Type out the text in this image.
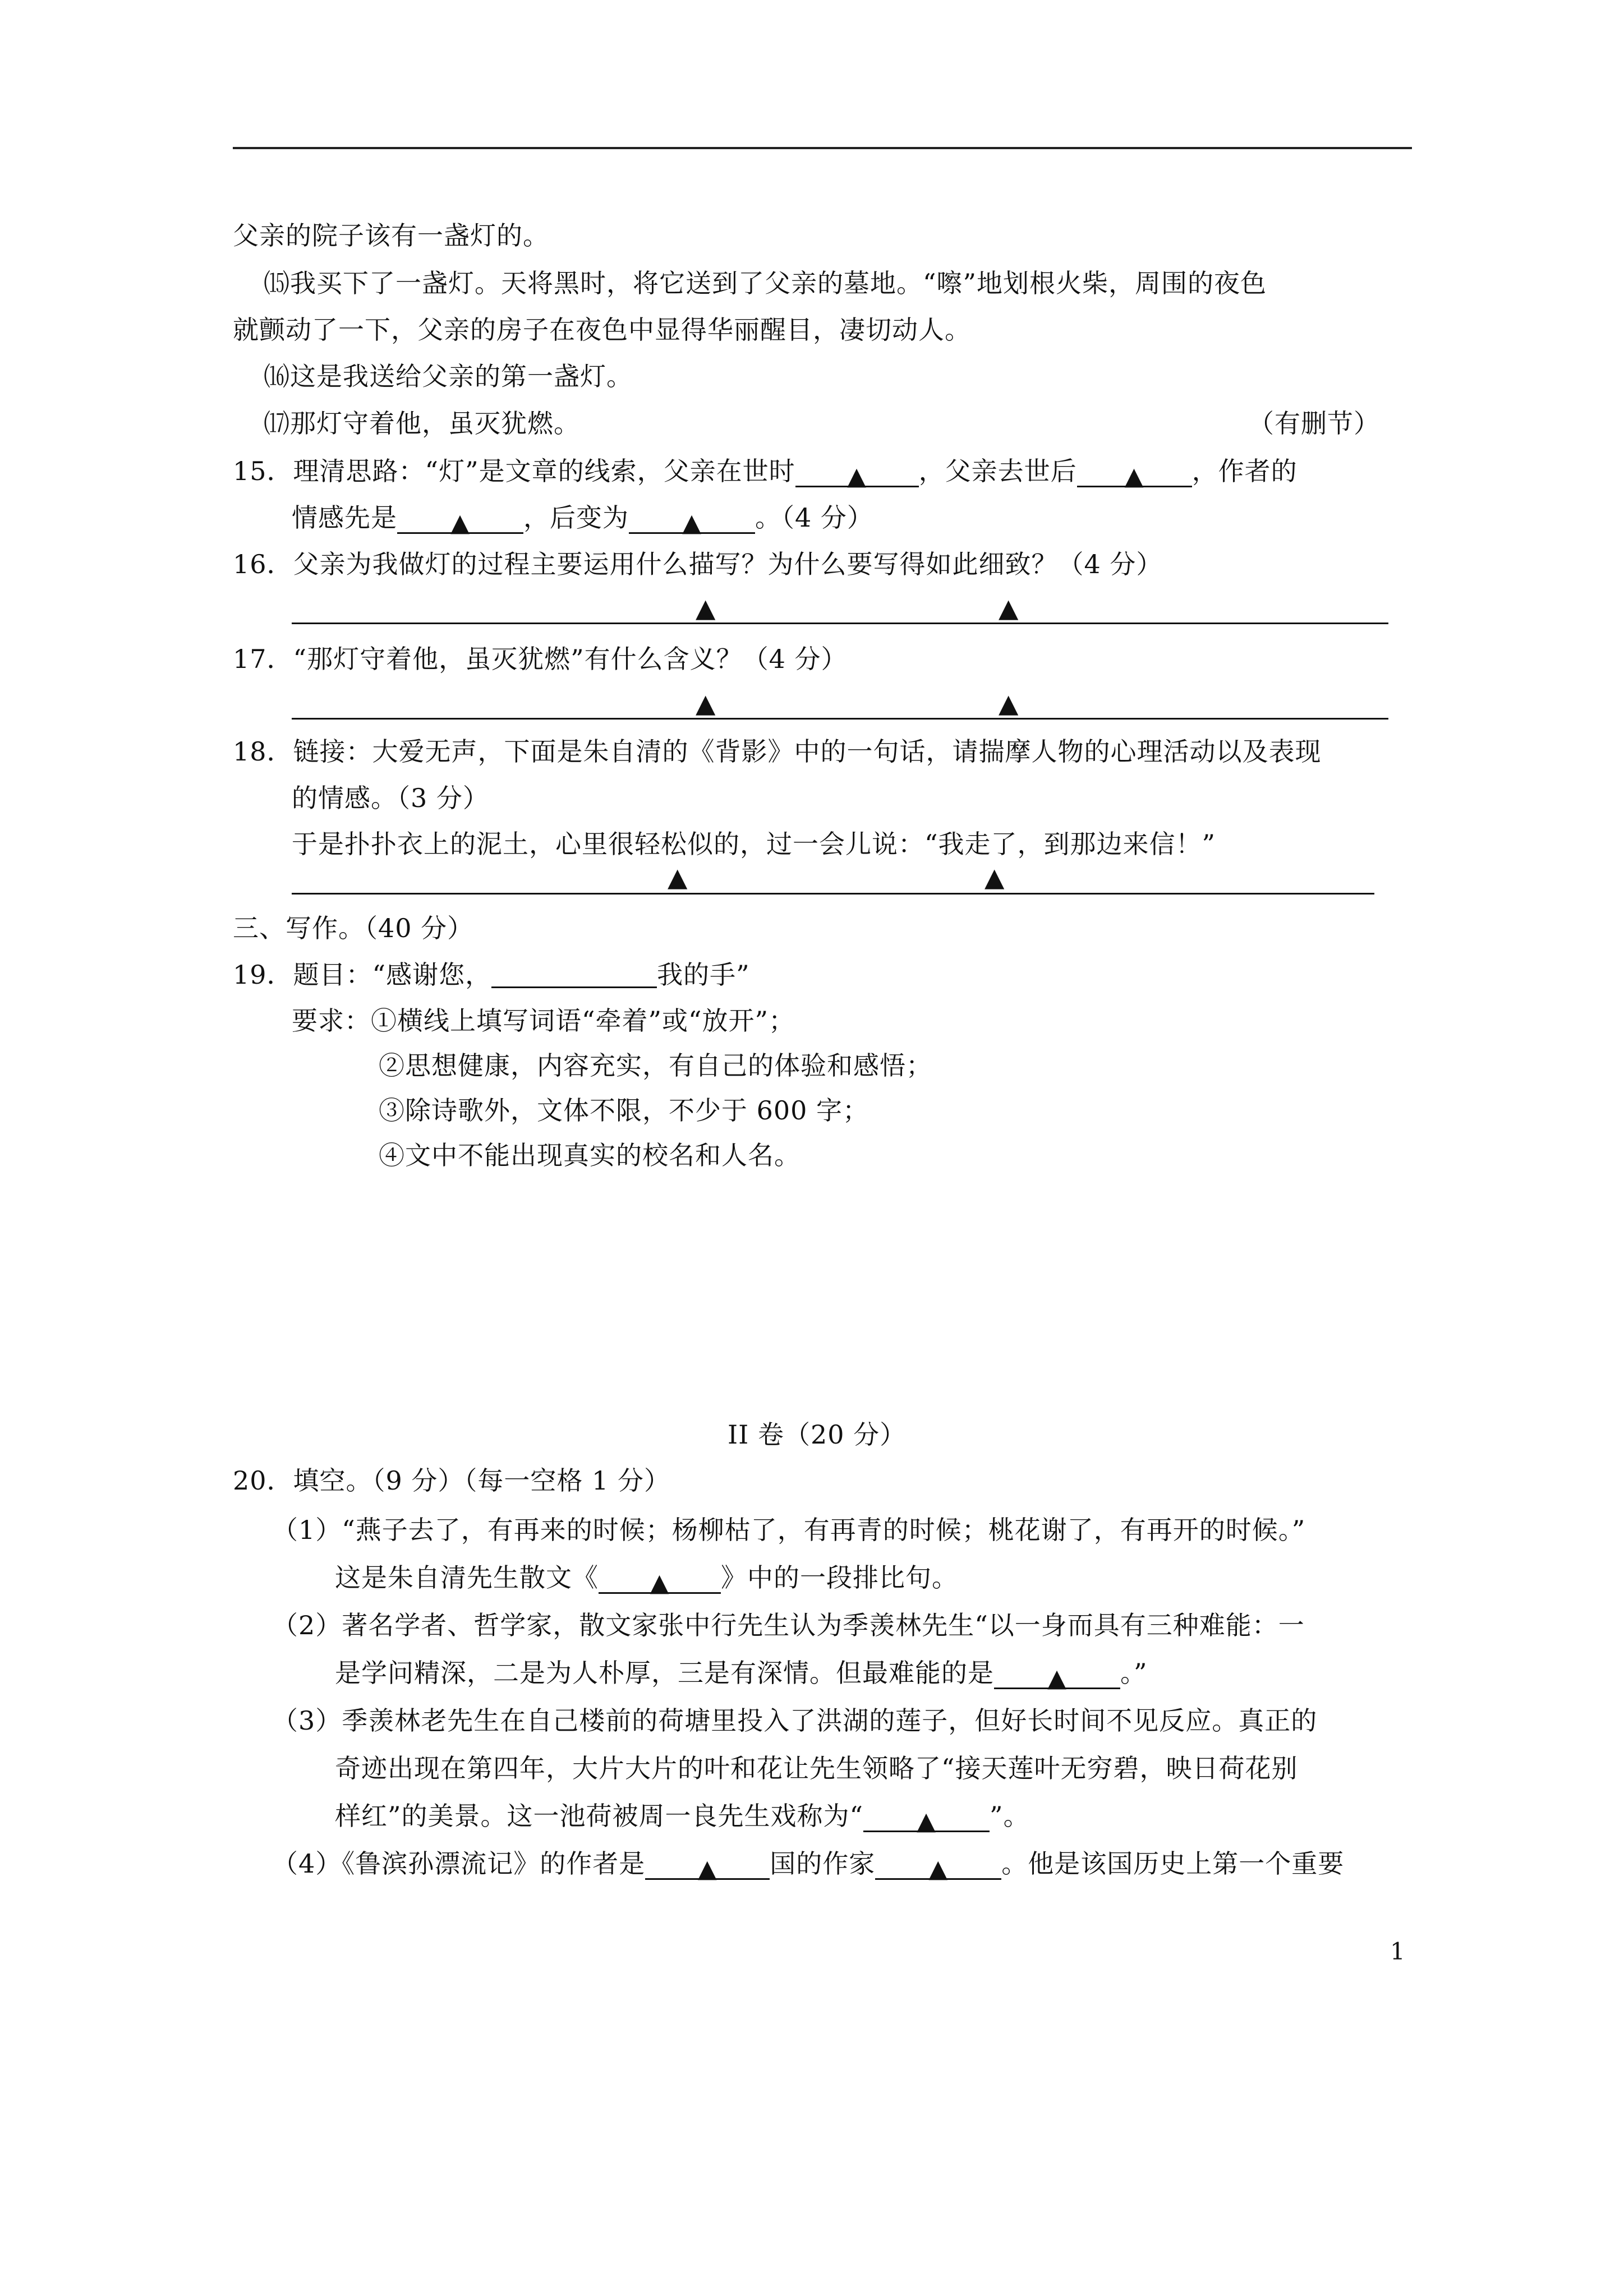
父亲的院子该有一盏灯的。
⒂我买下了一盏灯。天将黑时，将它送到了父亲的墓地。“嚓”地划根火柴，周围的夜色
就颤动了一下，父亲的房子在夜色中显得华丽醒目，凄切动人。
⒃这是我送给父亲的第一盏灯。
⒄那灯守着他，虽灭犹燃。	（有删节）
15．理清思路：“灯”是文章的线索，父亲在世时 ▲ ，父亲去世后 ▲ ，作者的
情感先是 ▲ ，后变为 ▲ 。（4 分）
16．父亲为我做灯的过程主要运用什么描写？为什么要写得如此细致？（4 分）
▲	▲
17．“那灯守着他，虽灭犹燃”有什么含义？（4 分）
▲	▲
18．链接：大爱无声，下面是朱自清的《背影》中的一句话，请揣摩人物的心理活动以及表现
的情感。（3 分）
于是扑扑衣上的泥土，心里很轻松似的，过一会儿说：“我走了，到那边来信！”
▲	▲
三、写作。（40 分）
19．题目：“感谢您，	我的手”
要求：①横线上填写词语“牵着”或“放开”；
②思想健康，内容充实，有自己的体验和感悟；
③除诗歌外，文体不限，不少于 600 字；
④文中不能出现真实的校名和人名。
II 卷（20 分）
20．填空。（9 分）（每一空格 1 分）
（1）“燕子去了，有再来的时候；杨柳枯了，有再青的时候；桃花谢了，有再开的时候。”
这是朱自清先生散文《 ▲ 》中的一段排比句。
（2）著名学者、哲学家，散文家张中行先生认为季羡林先生“以一身而具有三种难能：一
是学问精深，二是为人朴厚，三是有深情。但最难能的是 ▲ 。”
（3）季羡林老先生在自己楼前的荷塘里投入了洪湖的莲子，但好长时间不见反应。真正的
奇迹出现在第四年，大片大片的叶和花让先生领略了“接天莲叶无穷碧，映日荷花别
样红”的美景。这一池荷被周一良先生戏称为“ ▲ ”。
（4）《鲁滨孙漂流记》的作者是 ▲ 国的作家 ▲ 。他是该国历史上第一个重要
1
